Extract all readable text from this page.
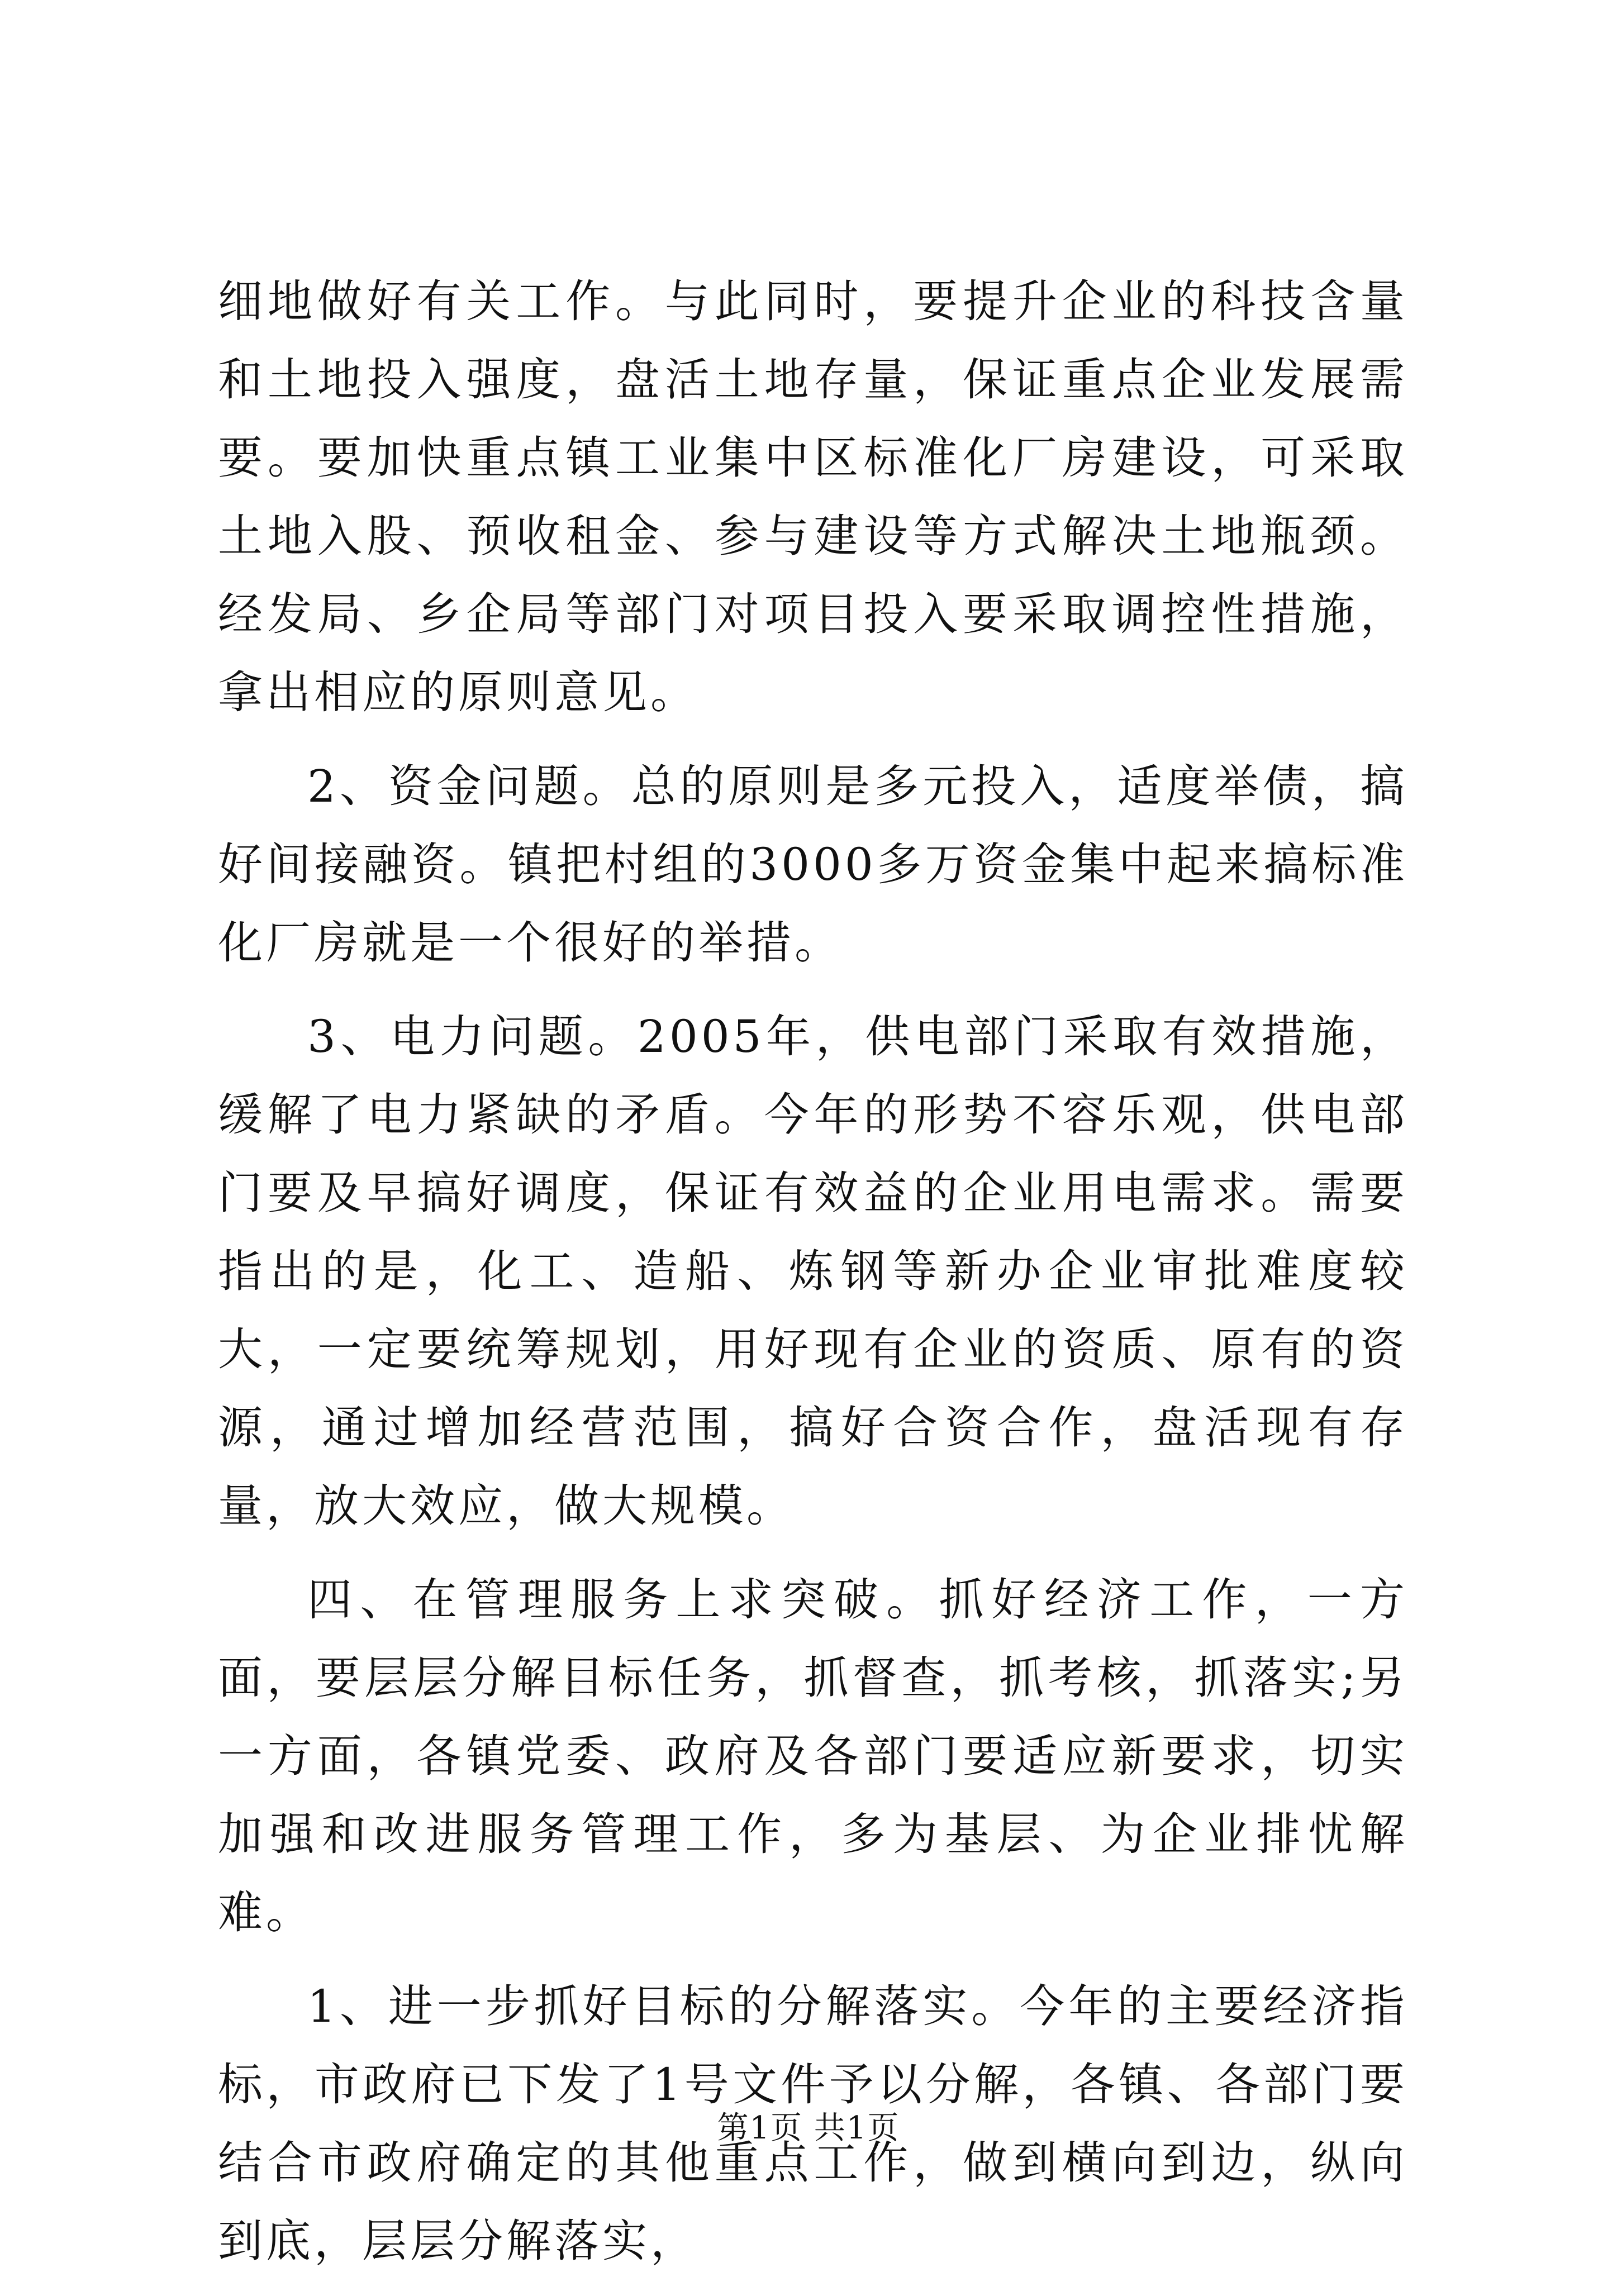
细地做好有关工作。与此同时，要提升企业的科技含量和土地投入强度，盘活土地存量，保证重点企业发展需要。要加快重点镇工业集中区标准化厂房建设，可采取土地入股、预收租金、参与建设等方式解决土地瓶颈。经发局、乡企局等部门对项目投入要采取调控性措施，拿出相应的原则意见。

2、资金问题。总的原则是多元投入，适度举债，搞好间接融资。镇把村组的3000多万资金集中起来搞标准化厂房就是一个很好的举措。

3、电力问题。2005年，供电部门采取有效措施，缓解了电力紧缺的矛盾。今年的形势不容乐观，供电部门要及早搞好调度，保证有效益的企业用电需求。需要指出的是，化工、造船、炼钢等新办企业审批难度较大，一定要统筹规划，用好现有企业的资质、原有的资源，通过增加经营范围，搞好合资合作，盘活现有存量，放大效应，做大规模。

四、在管理服务上求突破。抓好经济工作，一方面，要层层分解目标任务，抓督查，抓考核，抓落实;另一方面，各镇党委、政府及各部门要适应新要求，切实加强和改进服务管理工作，多为基层、为企业排忧解难。

1、进一步抓好目标的分解落实。今年的主要经济指标，市政府已下发了1号文件予以分解，各镇、各部门要结合市政府确定的其他重点工作，做到横向到边，纵向到底，层层分解落实，

第1页 共1页
